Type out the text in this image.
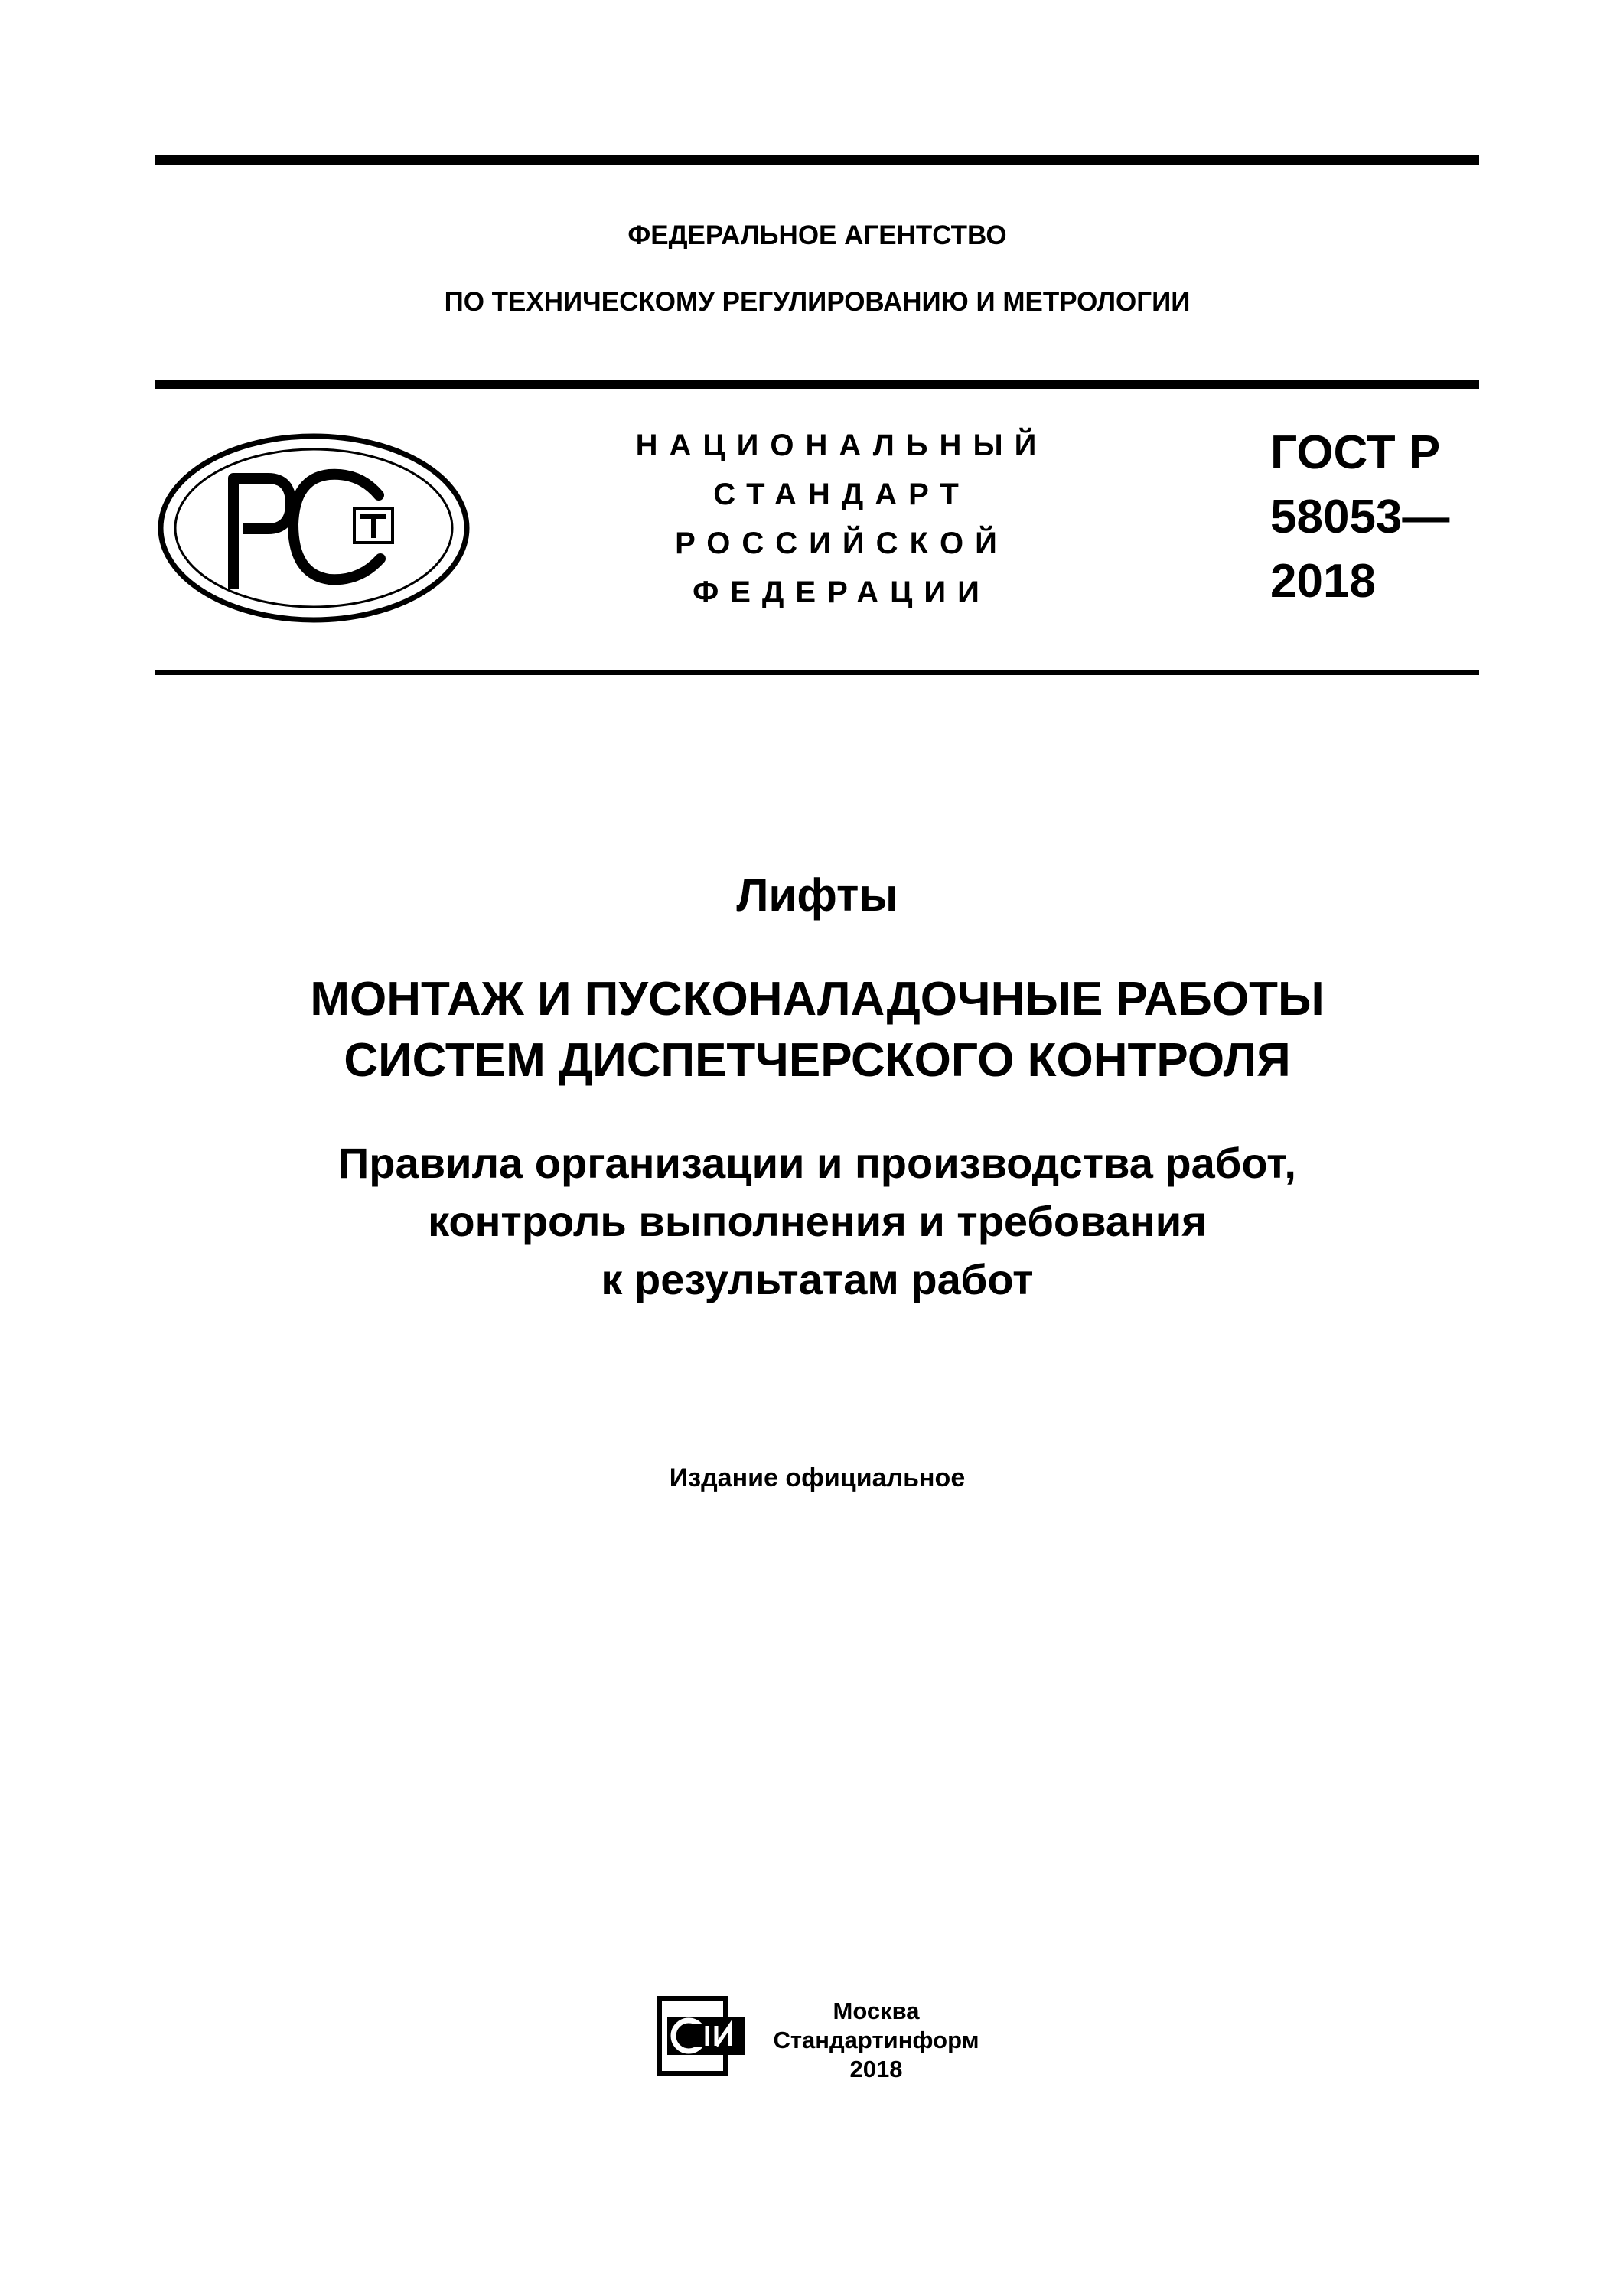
ФЕДЕРАЛЬНОЕ АГЕНТСТВО
ПО ТЕХНИЧЕСКОМУ РЕГУЛИРОВАНИЮ И МЕТРОЛОГИИ
НАЦИОНАЛЬНЫЙ
СТАНДАРТ
РОССИЙСКОЙ
ФЕДЕРАЦИИ
ГОСТ Р
58053—
2018
Лифты
МОНТАЖ И ПУСКОНАЛАДОЧНЫЕ РАБОТЫ
СИСТЕМ ДИСПЕТЧЕРСКОГО КОНТРОЛЯ
Правила организации и производства работ,
контроль выполнения и требования
к результатам работ
Издание официальное
Москва
Стандартинформ
2018
